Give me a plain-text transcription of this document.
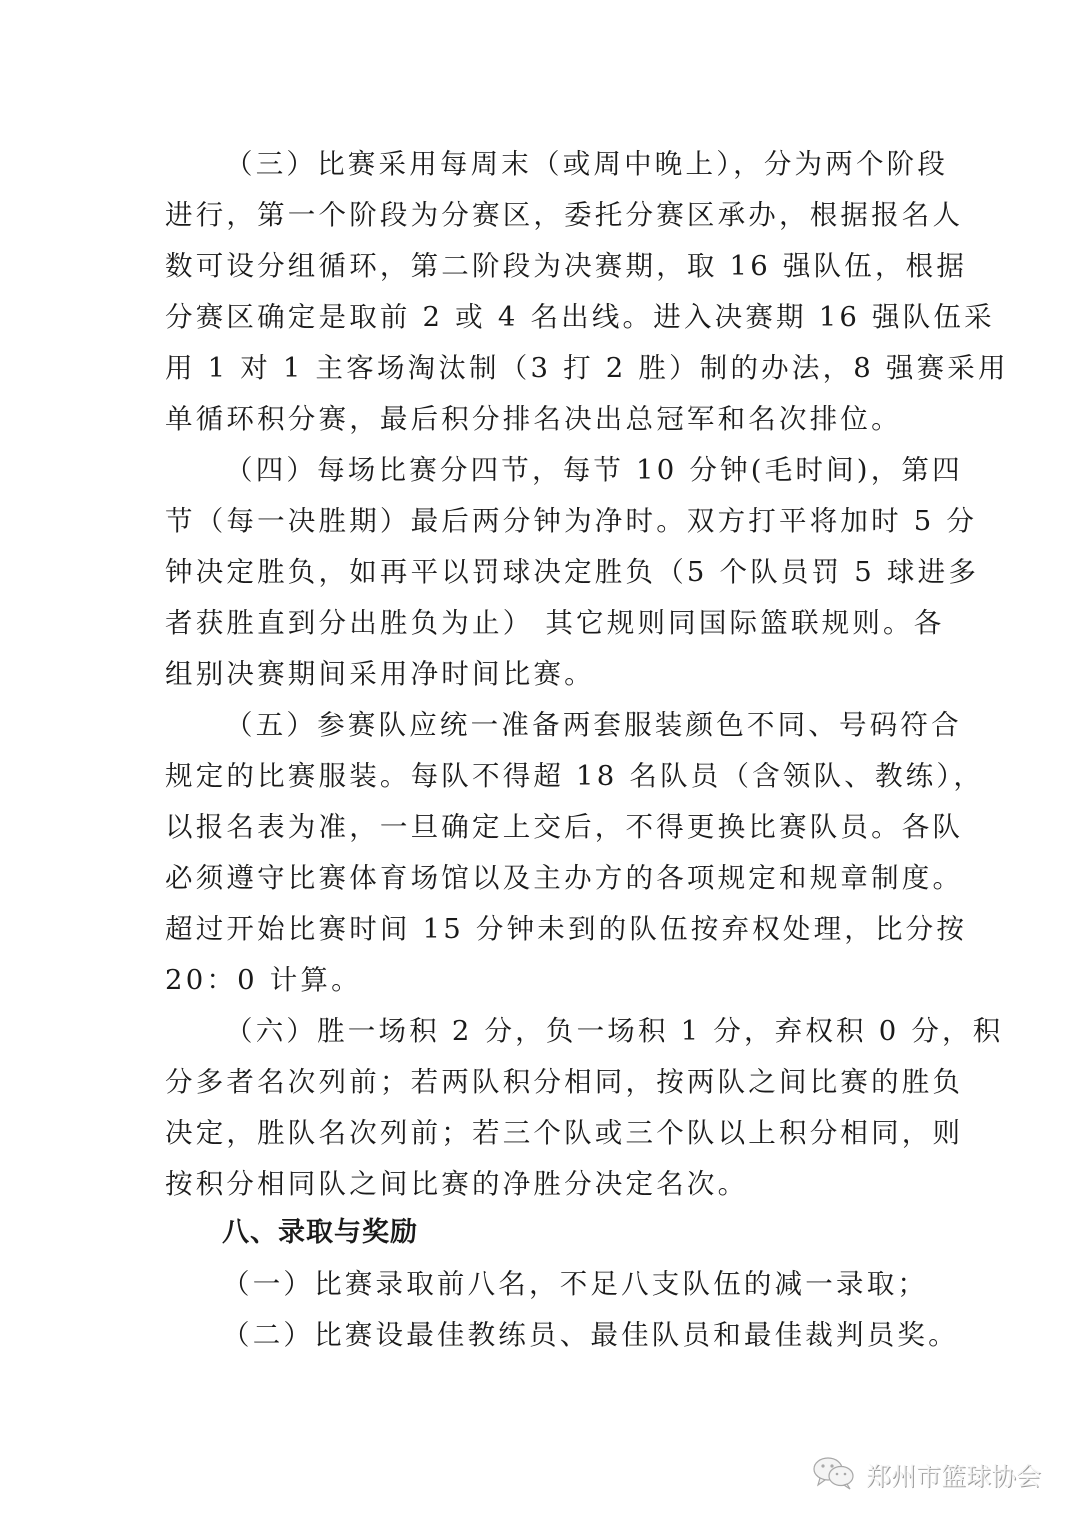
（三）比赛采用每周末（或周中晚上），分为两个阶段
进行，第一个阶段为分赛区，委托分赛区承办，根据报名人
数可设分组循环，第二阶段为决赛期，取 16 强队伍，根据
分赛区确定是取前 2 或 4 名出线。进入决赛期 16 强队伍采
用 1 对 1 主客场淘汰制（3 打 2 胜）制的办法，8 强赛采用
单循环积分赛，最后积分排名决出总冠军和名次排位。
（四）每场比赛分四节，每节 10 分钟(毛时间)，第四
节（每一决胜期）最后两分钟为净时。双方打平将加时 5 分
钟决定胜负，如再平以罚球决定胜负（5 个队员罚 5 球进多
者获胜直到分出胜负为止） 其它规则同国际篮联规则。各
组别决赛期间采用净时间比赛。
（五）参赛队应统一准备两套服装颜色不同、号码符合
规定的比赛服装。每队不得超 18 名队员（含领队、教练），
以报名表为准，一旦确定上交后，不得更换比赛队员。各队
必须遵守比赛体育场馆以及主办方的各项规定和规章制度。
超过开始比赛时间 15 分钟未到的队伍按弃权处理，比分按
20：0 计算。
（六）胜一场积 2 分，负一场积 1 分，弃权积 0 分，积
分多者名次列前；若两队积分相同，按两队之间比赛的胜负
决定，胜队名次列前；若三个队或三个队以上积分相同，则
按积分相同队之间比赛的净胜分决定名次。
八、录取与奖励
（一）比赛录取前八名，不足八支队伍的减一录取；
（二）比赛设最佳教练员、最佳队员和最佳裁判员奖。
郑州市篮球协会
